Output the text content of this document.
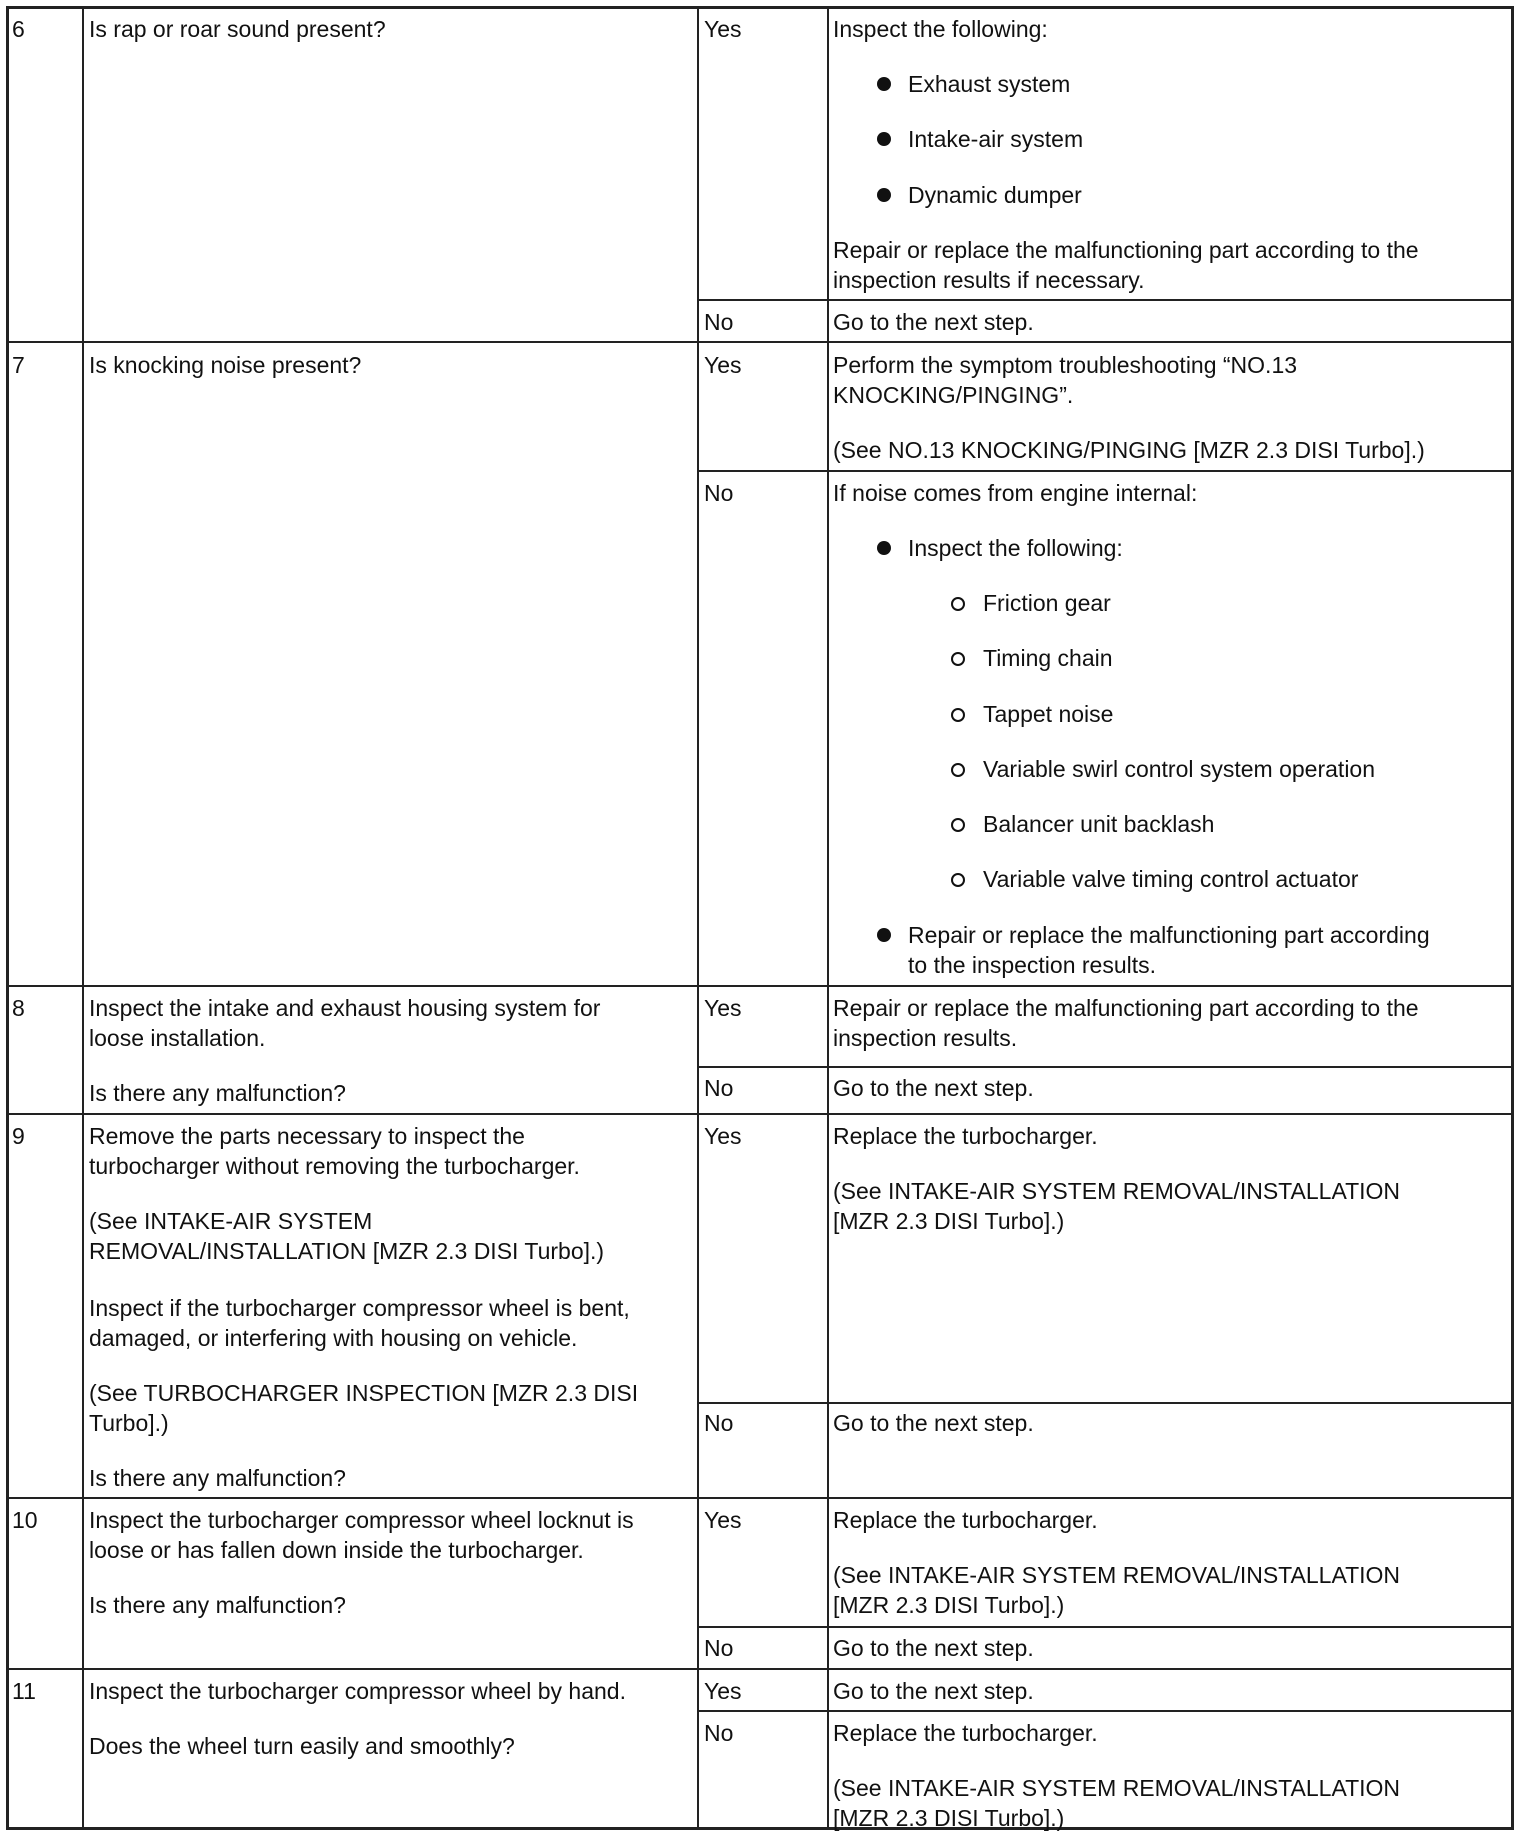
6	Is rap or roar sound present?	Yes	Inspect the following:
Exhaust system
Intake-air system
Dynamic dumper
Repair or replace the malfunctioning part according to the
inspection results if necessary.
No	Go to the next step.
7	Is knocking noise present?	Yes	Perform the symptom troubleshooting “NO.13
KNOCKING/PINGING”.
(See NO.13 KNOCKING/PINGING [MZR 2.3 DISI Turbo].)
No	If noise comes from engine internal:
Inspect the following:
Friction gear
Timing chain
Tappet noise
Variable swirl control system operation
Balancer unit backlash
Variable valve timing control actuator
Repair or replace the malfunctioning part according
to the inspection results.
8	Inspect the intake and exhaust housing system for
loose installation.
Is there any malfunction?
Yes	Repair or replace the malfunctioning part according to the
inspection results.
No	Go to the next step.
9	Remove the parts necessary to inspect the
turbocharger without removing the turbocharger.
(See INTAKE-AIR SYSTEM
REMOVAL/INSTALLATION [MZR 2.3 DISI Turbo].)
Inspect if the turbocharger compressor wheel is bent,
damaged, or interfering with housing on vehicle.
(See TURBOCHARGER INSPECTION [MZR 2.3 DISI
Turbo].)
Is there any malfunction?
Yes	Replace the turbocharger.
(See INTAKE-AIR SYSTEM REMOVAL/INSTALLATION
[MZR 2.3 DISI Turbo].)
No	Go to the next step.
10 Inspect the turbocharger compressor wheel locknut is
loose or has fallen down inside the turbocharger.
Is there any malfunction?
Yes	Replace the turbocharger.
(See INTAKE-AIR SYSTEM REMOVAL/INSTALLATION
[MZR 2.3 DISI Turbo].)
No	Go to the next step.
11 Inspect the turbocharger compressor wheel by hand.
Does the wheel turn easily and smoothly?
Yes	Go to the next step.
No	Replace the turbocharger.
(See INTAKE-AIR SYSTEM REMOVAL/INSTALLATION
[MZR 2.3 DISI Turbo].)
